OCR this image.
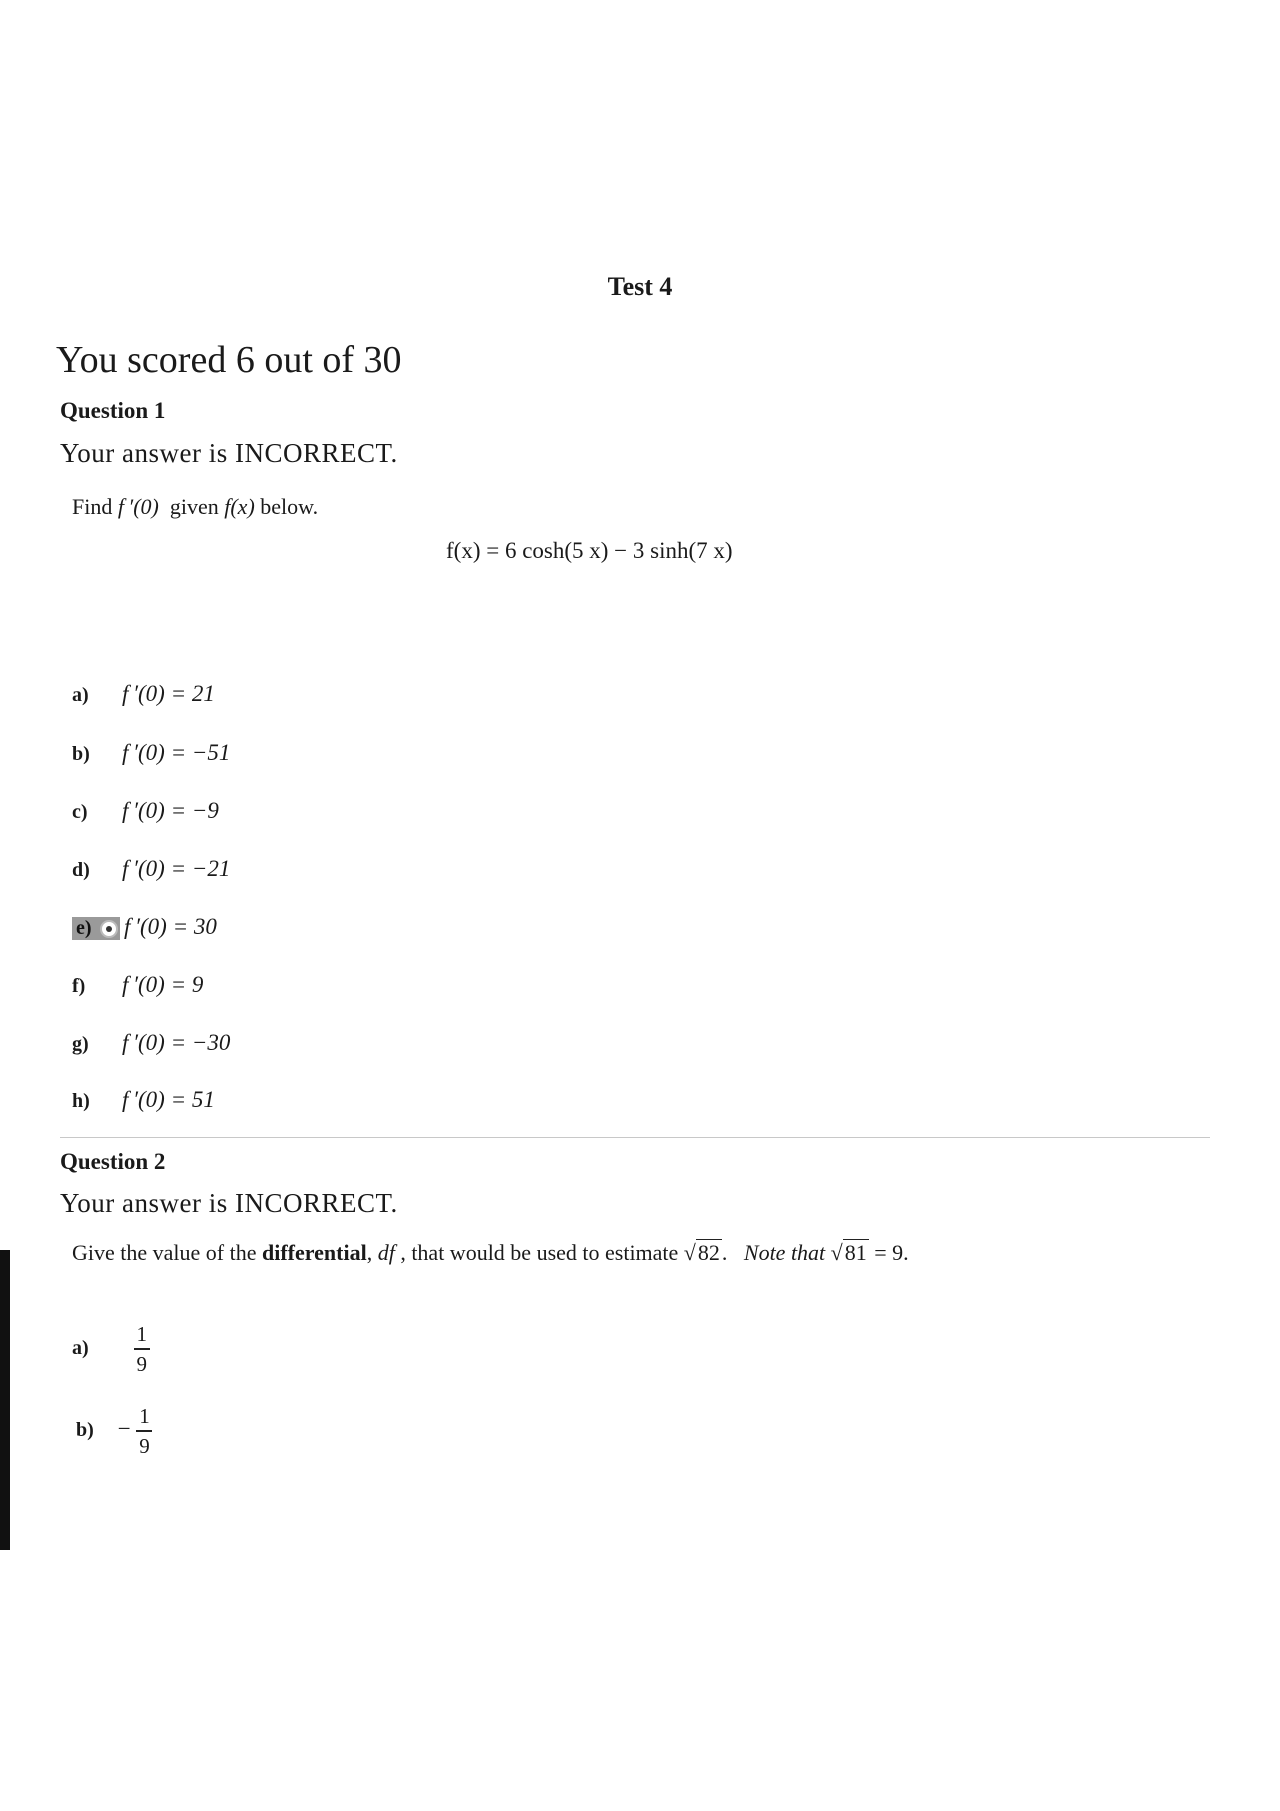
Test 4
You scored 6 out of 30
Question 1
Your answer is INCORRECT.
Find f ′(0) given f(x) below.
f(x) = 6 cosh(5 x) − 3 sinh(7 x)
a) f ′(0) = 21
b) f ′(0) = −51
c) f ′(0) = −9
d) f ′(0) = −21
e) f ′(0) = 30
f) f ′(0) = 9
g) f ′(0) = −30
h) f ′(0) = 51
Question 2
Your answer is INCORRECT.
Give the value of the differential, df , that would be used to estimate √82. Note that √81 = 9.
$a) \frac{1}{9}$
$b) - \frac{1}{9}$
